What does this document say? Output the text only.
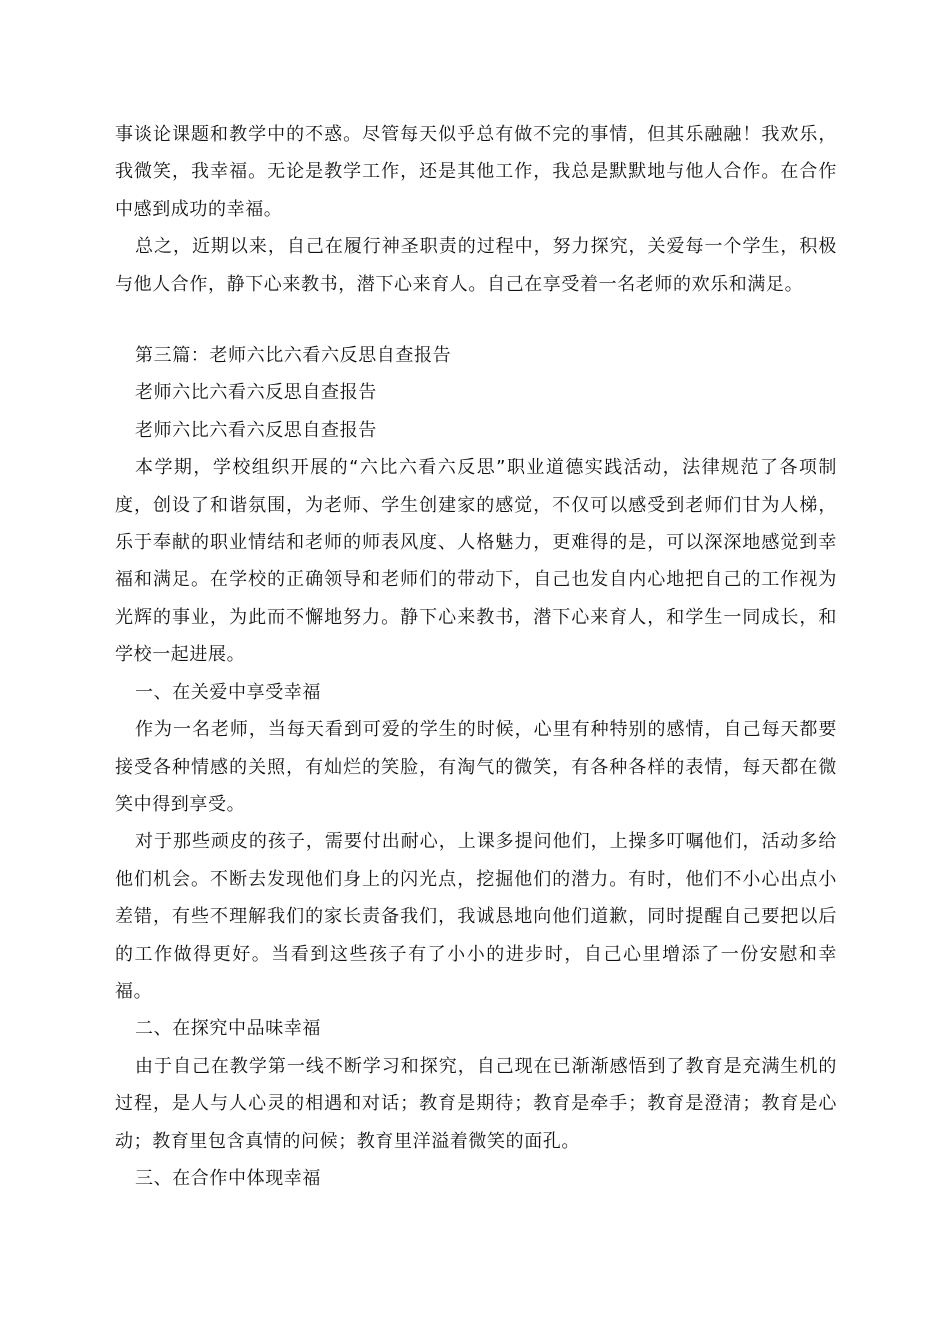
事谈论课题和教学中的不惑。尽管每天似乎总有做不完的事情，但其乐融融！我欢乐，我微笑，我幸福。无论是教学工作，还是其他工作，我总是默默地与他人合作。在合作中感到成功的幸福。

总之，近期以来，自己在履行神圣职责的过程中，努力探究，关爱每一个学生，积极与他人合作，静下心来教书，潜下心来育人。自己在享受着一名老师的欢乐和满足。

第三篇：老师六比六看六反思自查报告

老师六比六看六反思自查报告

老师六比六看六反思自查报告

本学期，学校组织开展的“六比六看六反思”职业道德实践活动，法律规范了各项制度，创设了和谐氛围，为老师、学生创建家的感觉，不仅可以感受到老师们甘为人梯，乐于奉献的职业情结和老师的师表风度、人格魅力，更难得的是，可以深深地感觉到幸福和满足。在学校的正确领导和老师们的带动下，自己也发自内心地把自己的工作视为光辉的事业，为此而不懈地努力。静下心来教书，潜下心来育人，和学生一同成长，和学校一起进展。

一、在关爱中享受幸福

作为一名老师，当每天看到可爱的学生的时候，心里有种特别的感情，自己每天都要接受各种情感的关照，有灿烂的笑脸，有淘气的微笑，有各种各样的表情，每天都在微笑中得到享受。

对于那些顽皮的孩子，需要付出耐心，上课多提问他们，上操多叮嘱他们，活动多给他们机会。不断去发现他们身上的闪光点，挖掘他们的潜力。有时，他们不小心出点小差错，有些不理解我们的家长责备我们，我诚恳地向他们道歉，同时提醒自己要把以后的工作做得更好。当看到这些孩子有了小小的进步时，自己心里增添了一份安慰和幸福。

二、在探究中品味幸福

由于自己在教学第一线不断学习和探究，自己现在已渐渐感悟到了教育是充满生机的过程，是人与人心灵的相遇和对话；教育是期待；教育是牵手；教育是澄清；教育是心动；教育里包含真情的问候；教育里洋溢着微笑的面孔。

三、在合作中体现幸福
